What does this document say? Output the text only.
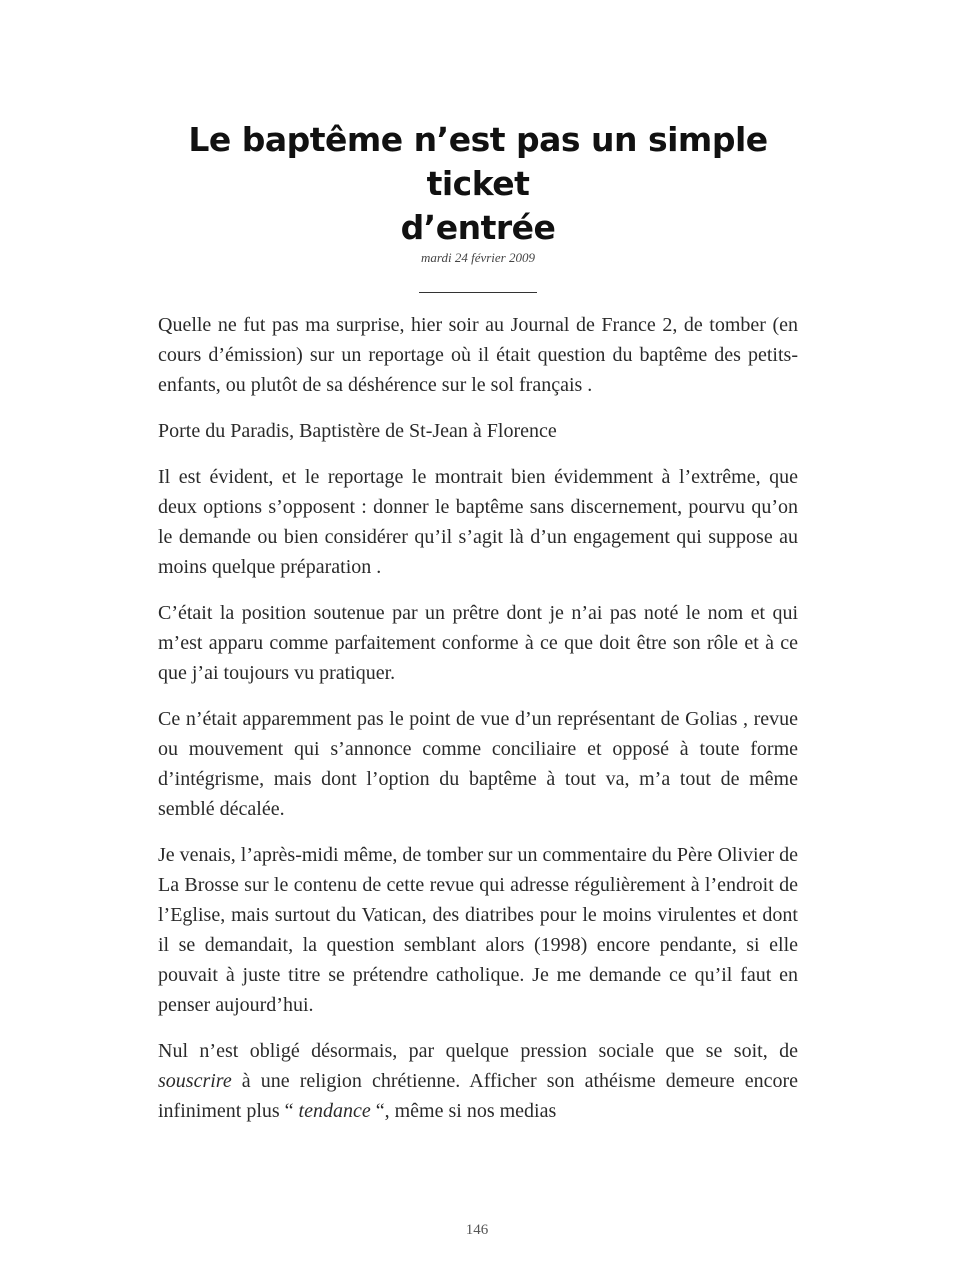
Le baptême n’est pas un simple ticket
d’entrée
mardi 24 février 2009

Quelle ne fut pas ma surprise, hier soir au Journal de France 2, de tomber (en cours d’émission) sur un reportage où il était question du baptême des petits-enfants, ou plutôt de sa déshérence sur le sol français .

Porte du Paradis, Baptistère de St-Jean à Florence

Il est évident, et le reportage le montrait bien évidemment à l’extrême, que deux options s’opposent : donner le baptême sans discernement, pourvu qu’on le demande ou bien considérer qu’il s’agit là d’un engagement qui suppose au moins quelque préparation .

C’était la position soutenue par un prêtre dont je n’ai pas noté le nom et qui m’est apparu comme parfaitement conforme à ce que doit être son rôle et à ce que j’ai toujours vu pratiquer.

Ce n’était apparemment pas le point de vue d’un représentant de Golias , revue ou mouvement qui s’annonce comme conciliaire et opposé à toute forme d’intégrisme, mais dont l’option du baptême à tout va, m’a tout de même semblé décalée.

Je venais, l’après-midi même, de tomber sur un commentaire du Père Olivier de La Brosse sur le contenu de cette revue qui adresse régulièrement à l’endroit de l’Eglise, mais surtout du Vatican, des diatribes pour le moins virulentes et dont il se demandait, la question semblant alors (1998) encore pendante, si elle pouvait à juste titre se prétendre catholique. Je me demande ce qu’il faut en penser aujourd’hui.

Nul n’est obligé désormais, par quelque pression sociale que se soit, de souscrire à une religion chrétienne. Afficher son athéisme demeure encore infiniment plus “ tendance “, même si nos medias

146
